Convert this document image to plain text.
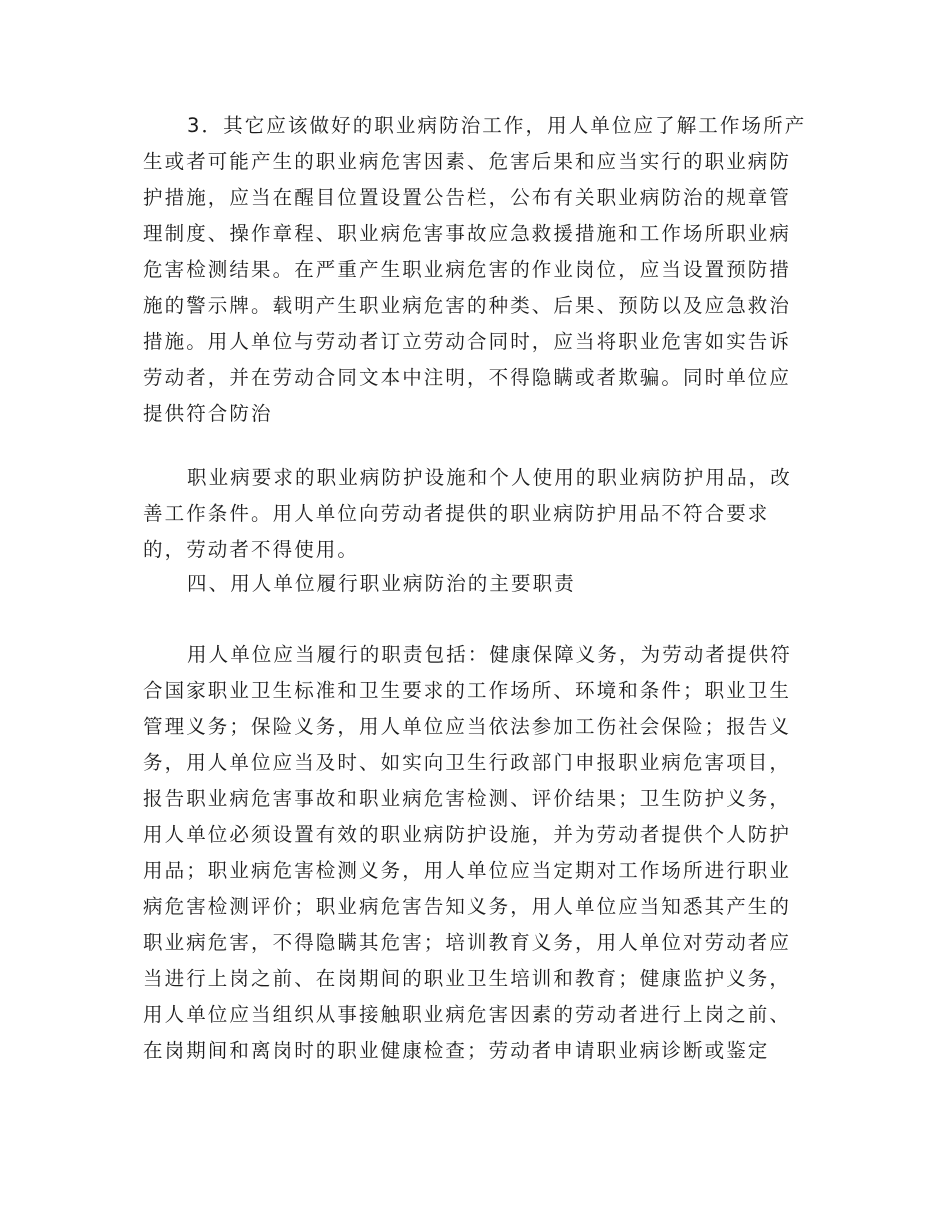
3．其它应该做好的职业病防治工作，用人单位应了解工作场所产
生或者可能产生的职业病危害因素、危害后果和应当实行的职业病防
护措施，应当在醒目位置设置公告栏，公布有关职业病防治的规章管
理制度、操作章程、职业病危害事故应急救援措施和工作场所职业病
危害检测结果。在严重产生职业病危害的作业岗位，应当设置预防措
施的警示牌。载明产生职业病危害的种类、后果、预防以及应急救治
措施。用人单位与劳动者订立劳动合同时，应当将职业危害如实告诉
劳动者，并在劳动合同文本中注明，不得隐瞒或者欺骗。同时单位应
提供符合防治
职业病要求的职业病防护设施和个人使用的职业病防护用品，改
善工作条件。用人单位向劳动者提供的职业病防护用品不符合要求
的，劳动者不得使用。
四、用人单位履行职业病防治的主要职责
用人单位应当履行的职责包括：健康保障义务，为劳动者提供符
合国家职业卫生标准和卫生要求的工作场所、环境和条件；职业卫生
管理义务；保险义务，用人单位应当依法参加工伤社会保险；报告义
务，用人单位应当及时、如实向卫生行政部门申报职业病危害项目，
报告职业病危害事故和职业病危害检测、评价结果；卫生防护义务，
用人单位必须设置有效的职业病防护设施，并为劳动者提供个人防护
用品；职业病危害检测义务，用人单位应当定期对工作场所进行职业
病危害检测评价；职业病危害告知义务，用人单位应当知悉其产生的
职业病危害，不得隐瞒其危害；培训教育义务，用人单位对劳动者应
当进行上岗之前、在岗期间的职业卫生培训和教育；健康监护义务，
用人单位应当组织从事接触职业病危害因素的劳动者进行上岗之前、
在岗期间和离岗时的职业健康检查；劳动者申请职业病诊断或鉴定
